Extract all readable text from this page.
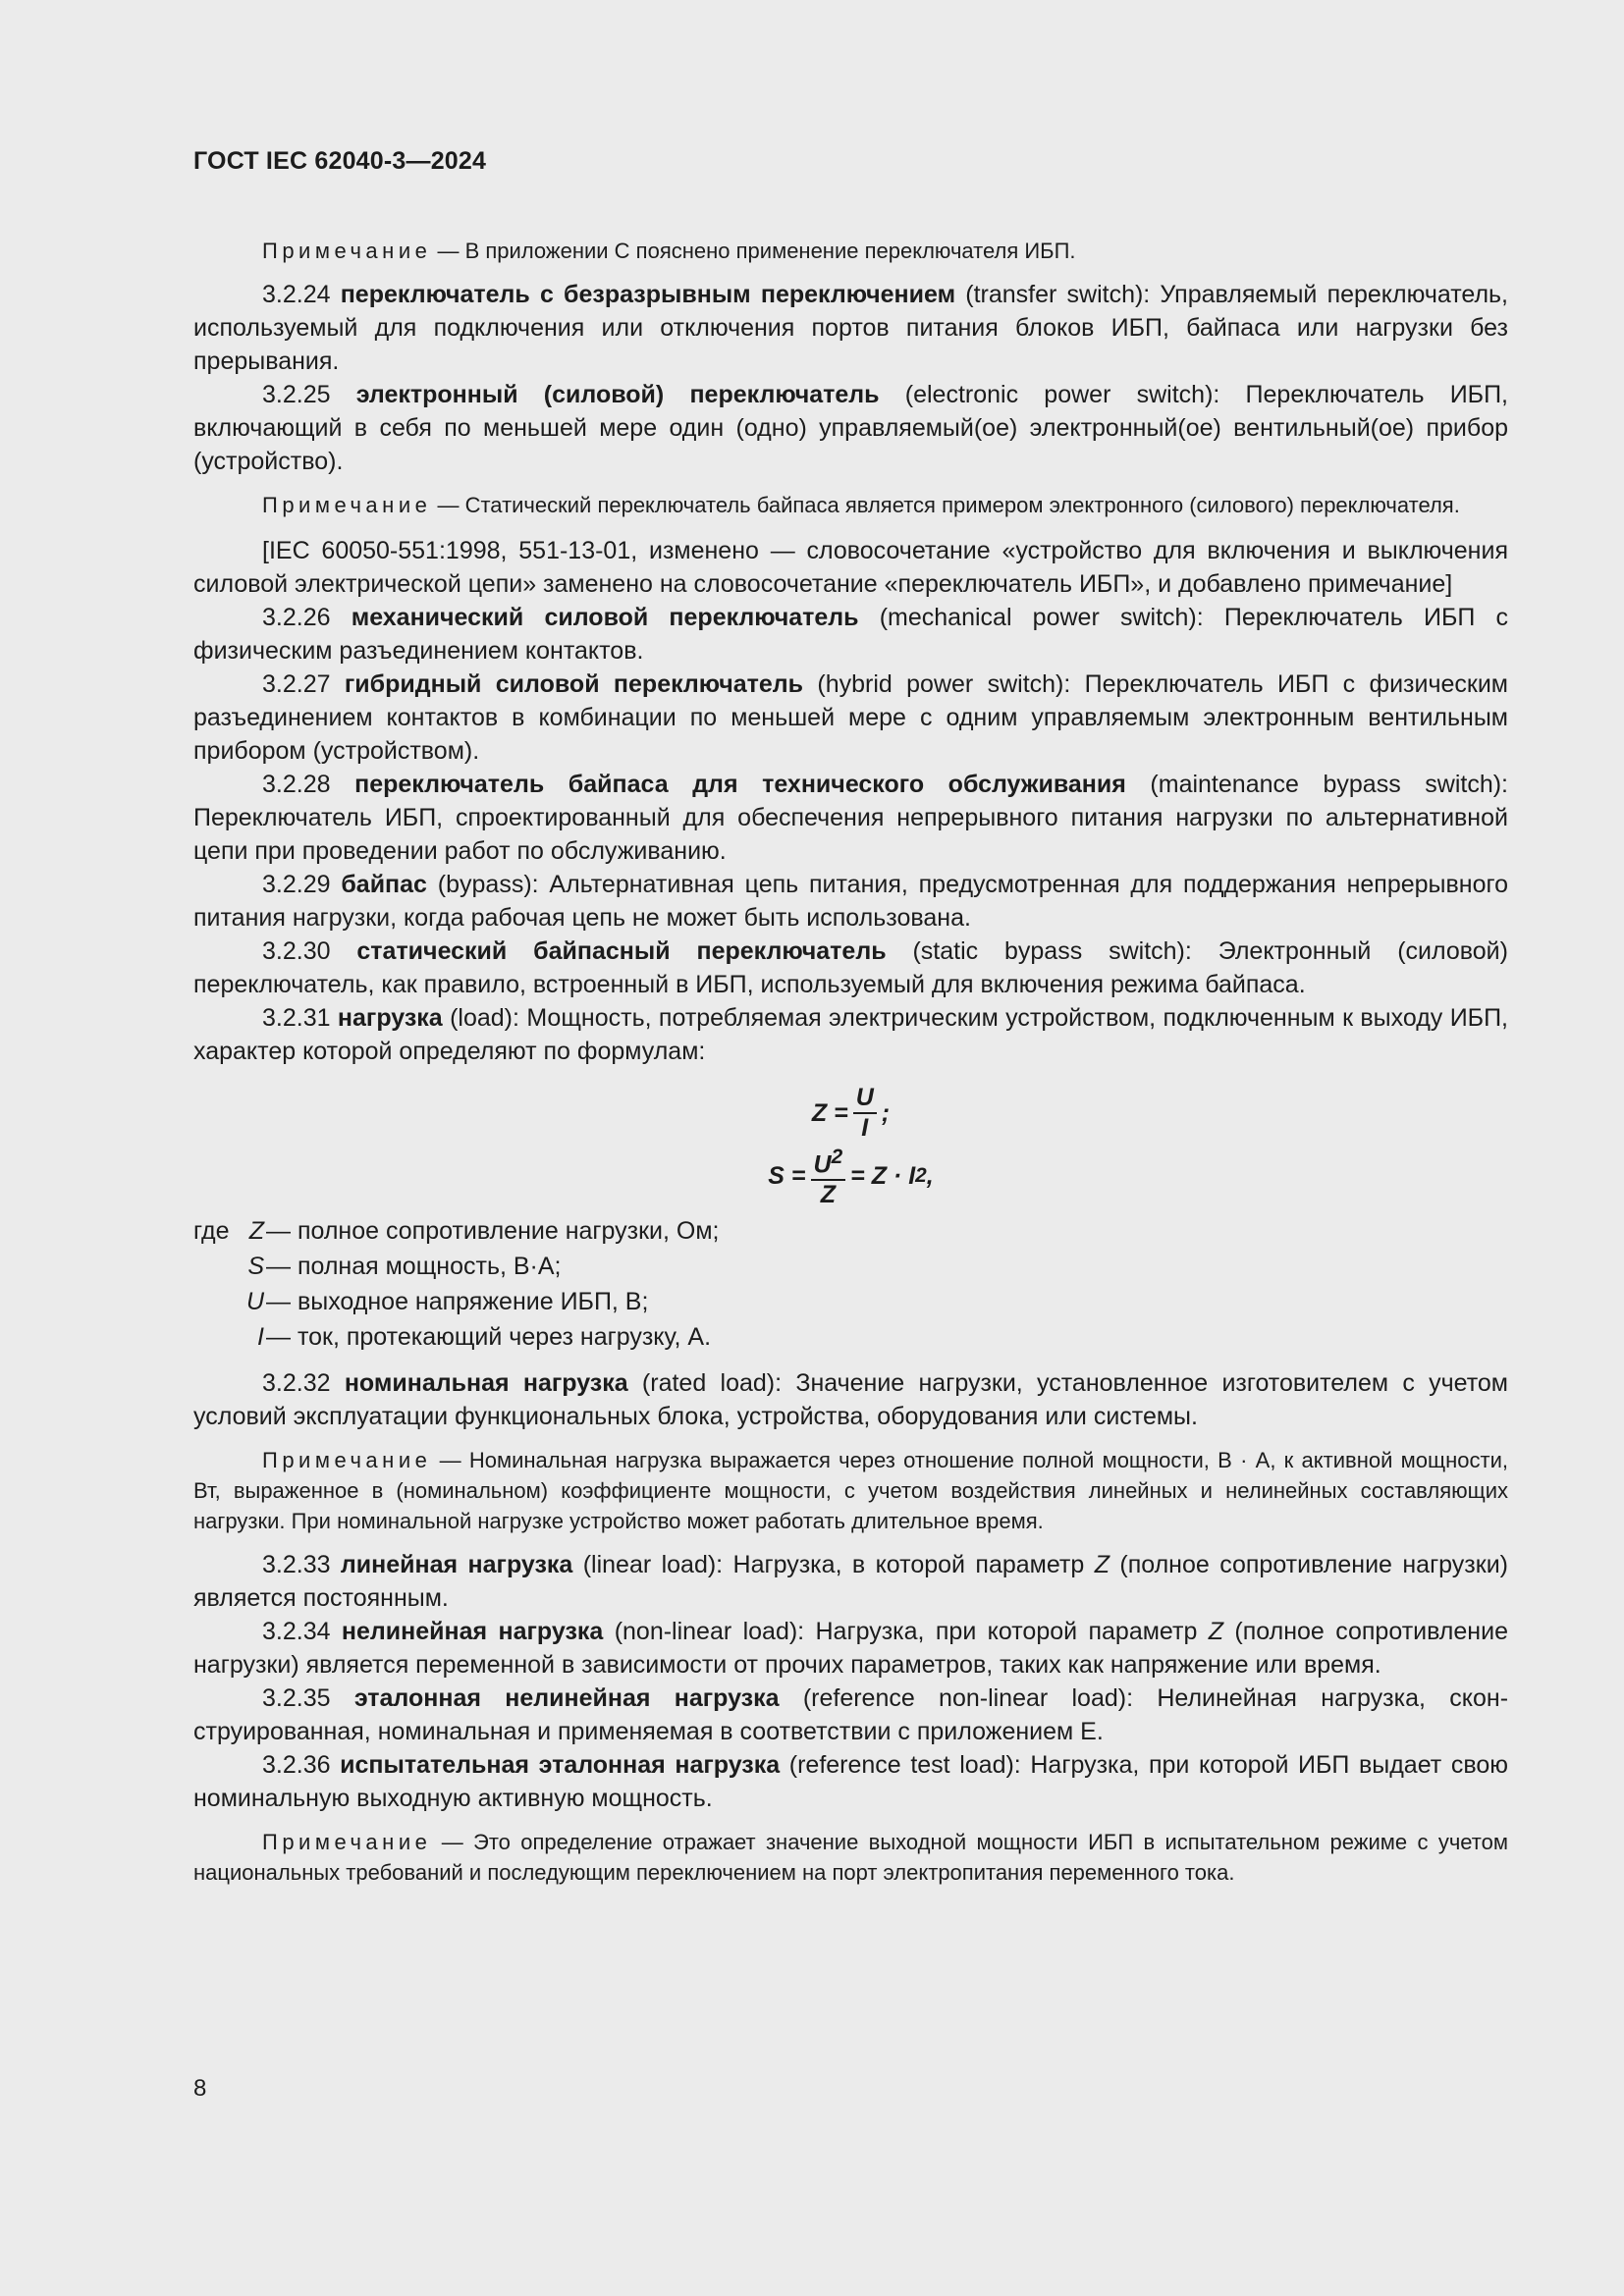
ГОСТ IEC 62040-3—2024

Примечание — В приложении С пояснено применение переключателя ИБП.

3.2.24 переключатель с безразрывным переключением (transfer switch): Управляемый переключатель, используемый для подключения или отключения портов питания блоков ИБП, байпаса или нагрузки без прерывания.

3.2.25 электронный (силовой) переключатель (electronic power switch): Переключатель ИБП, включающий в себя по меньшей мере один (одно) управляемый(ое) электронный(ое) вентильный(ое) прибор (устройство).

Примечание — Статический переключатель байпаса является примером электронного (силового) переключателя.

[IEC 60050-551:1998, 551-13-01, изменено — словосочетание «устройство для включения и выключения силовой электрической цепи» заменено на словосочетание «переключатель ИБП», и добавлено примечание]

3.2.26 механический силовой переключатель (mechanical power switch): Переключатель ИБП с физическим разъединением контактов.

3.2.27 гибридный силовой переключатель (hybrid power switch): Переключатель ИБП с физическим разъединением контактов в комбинации по меньшей мере с одним управляемым электронным вентильным прибором (устройством).

3.2.28 переключатель байпаса для технического обслуживания (maintenance bypass switch): Переключатель ИБП, спроектированный для обеспечения непрерывного питания нагрузки по альтернативной цепи при проведении работ по обслуживанию.

3.2.29 байпас (bypass): Альтернативная цепь питания, предусмотренная для поддержания непрерывного питания нагрузки, когда рабочая цепь не может быть использована.

3.2.30 статический байпасный переключатель (static bypass switch): Электронный (силовой) переключатель, как правило, встроенный в ИБП, используемый для включения режима байпаса.

3.2.31 нагрузка (load): Мощность, потребляемая электрическим устройством, подключенным к выходу ИБП, характер которой определяют по формулам:

$Z = \frac{U}{I}$ ;
$S = \frac{U^2}{Z} = Z \cdot I$ 2 ,
где Z — полное сопротивление нагрузки, Ом;
S — полная мощность, В·А;
U — выходное напряжение ИБП, В;
I — ток, протекающий через нагрузку, А.

3.2.32 номинальная нагрузка (rated load): Значение нагрузки, установленное изготовителем с учетом условий эксплуатации функциональных блока, устройства, оборудования или системы.

Примечание — Номинальная нагрузка выражается через отношение полной мощности, В · А, к активной мощности, Вт, выраженное в (номинальном) коэффициенте мощности, с учетом воздействия линейных и нелинейных составляющих нагрузки. При номинальной нагрузке устройство может работать длительное время.

3.2.33 линейная нагрузка (linear load): Нагрузка, в которой параметр Z (полное сопротивление нагрузки) является постоянным.

3.2.34 нелинейная нагрузка (non-linear load): Нагрузка, при которой параметр Z (полное сопротивление нагрузки) является переменной в зависимости от прочих параметров, таких как напряжение или время.

3.2.35 эталонная нелинейная нагрузка (reference non-linear load): Нелинейная нагрузка, сконструированная, номинальная и применяемая в соответствии с приложением Е.

3.2.36 испытательная эталонная нагрузка (reference test load): Нагрузка, при которой ИБП выдает свою номинальную выходную активную мощность.

Примечание — Это определение отражает значение выходной мощности ИБП в испытательном режиме с учетом национальных требований и последующим переключением на порт электропитания переменного тока.

8
